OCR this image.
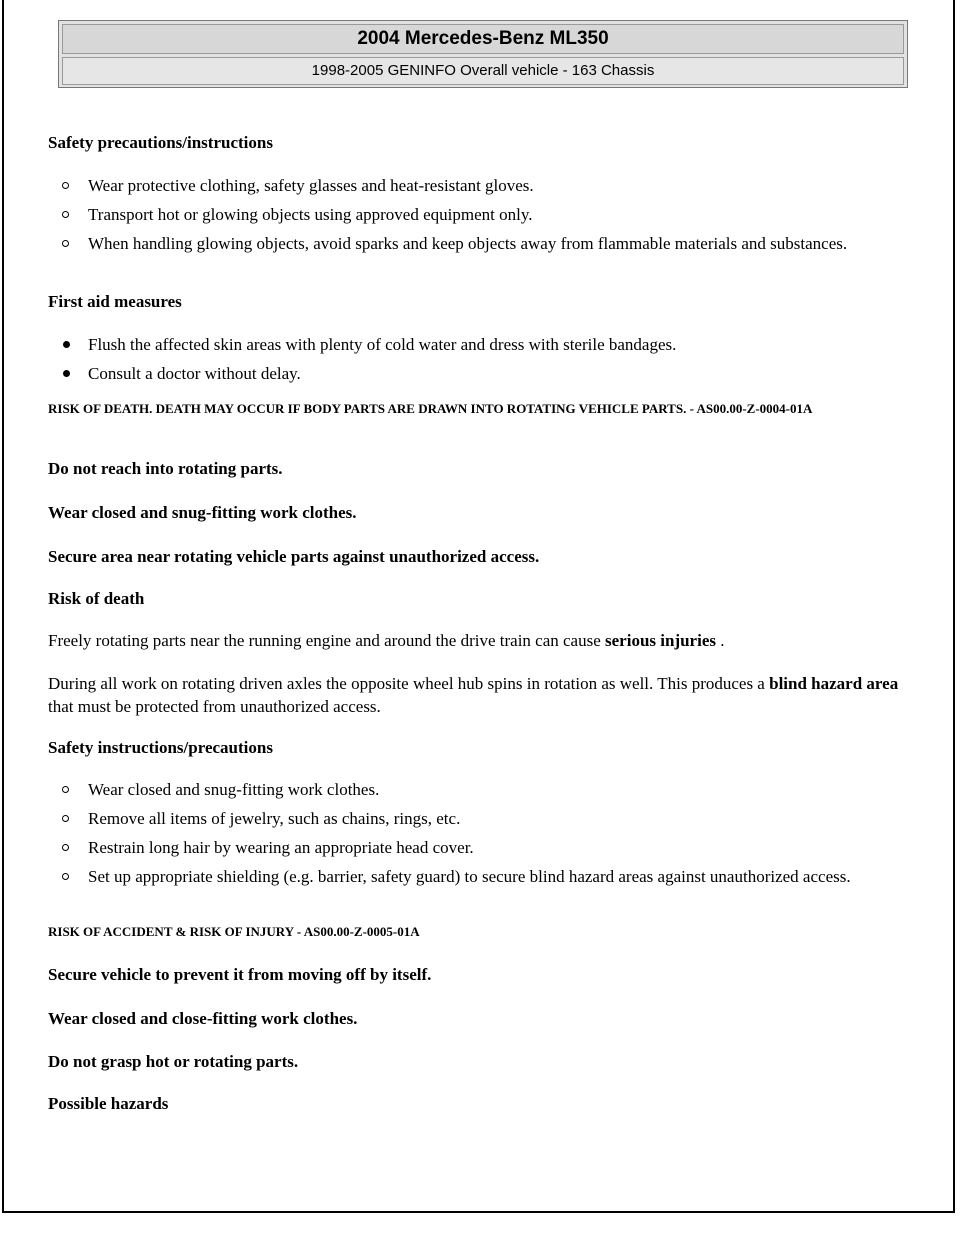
2004 Mercedes-Benz ML350
1998-2005 GENINFO Overall vehicle - 163 Chassis

Safety precautions/instructions

Wear protective clothing, safety glasses and heat-resistant gloves.
Transport hot or glowing objects using approved equipment only.
When handling glowing objects, avoid sparks and keep objects away from flammable materials and substances.

First aid measures

Flush the affected skin areas with plenty of cold water and dress with sterile bandages.
Consult a doctor without delay.

RISK OF DEATH. DEATH MAY OCCUR IF BODY PARTS ARE DRAWN INTO ROTATING VEHICLE PARTS. - AS00.00-Z-0004-01A

Do not reach into rotating parts.

Wear closed and snug-fitting work clothes.

Secure area near rotating vehicle parts against unauthorized access.

Risk of death

Freely rotating parts near the running engine and around the drive train can cause serious injuries .

During all work on rotating driven axles the opposite wheel hub spins in rotation as well. This produces a blind hazard area that must be protected from unauthorized access.

Safety instructions/precautions

Wear closed and snug-fitting work clothes.
Remove all items of jewelry, such as chains, rings, etc.
Restrain long hair by wearing an appropriate head cover.
Set up appropriate shielding (e.g. barrier, safety guard) to secure blind hazard areas against unauthorized access.

RISK OF ACCIDENT & RISK OF INJURY - AS00.00-Z-0005-01A

Secure vehicle to prevent it from moving off by itself.

Wear closed and close-fitting work clothes.

Do not grasp hot or rotating parts.

Possible hazards
